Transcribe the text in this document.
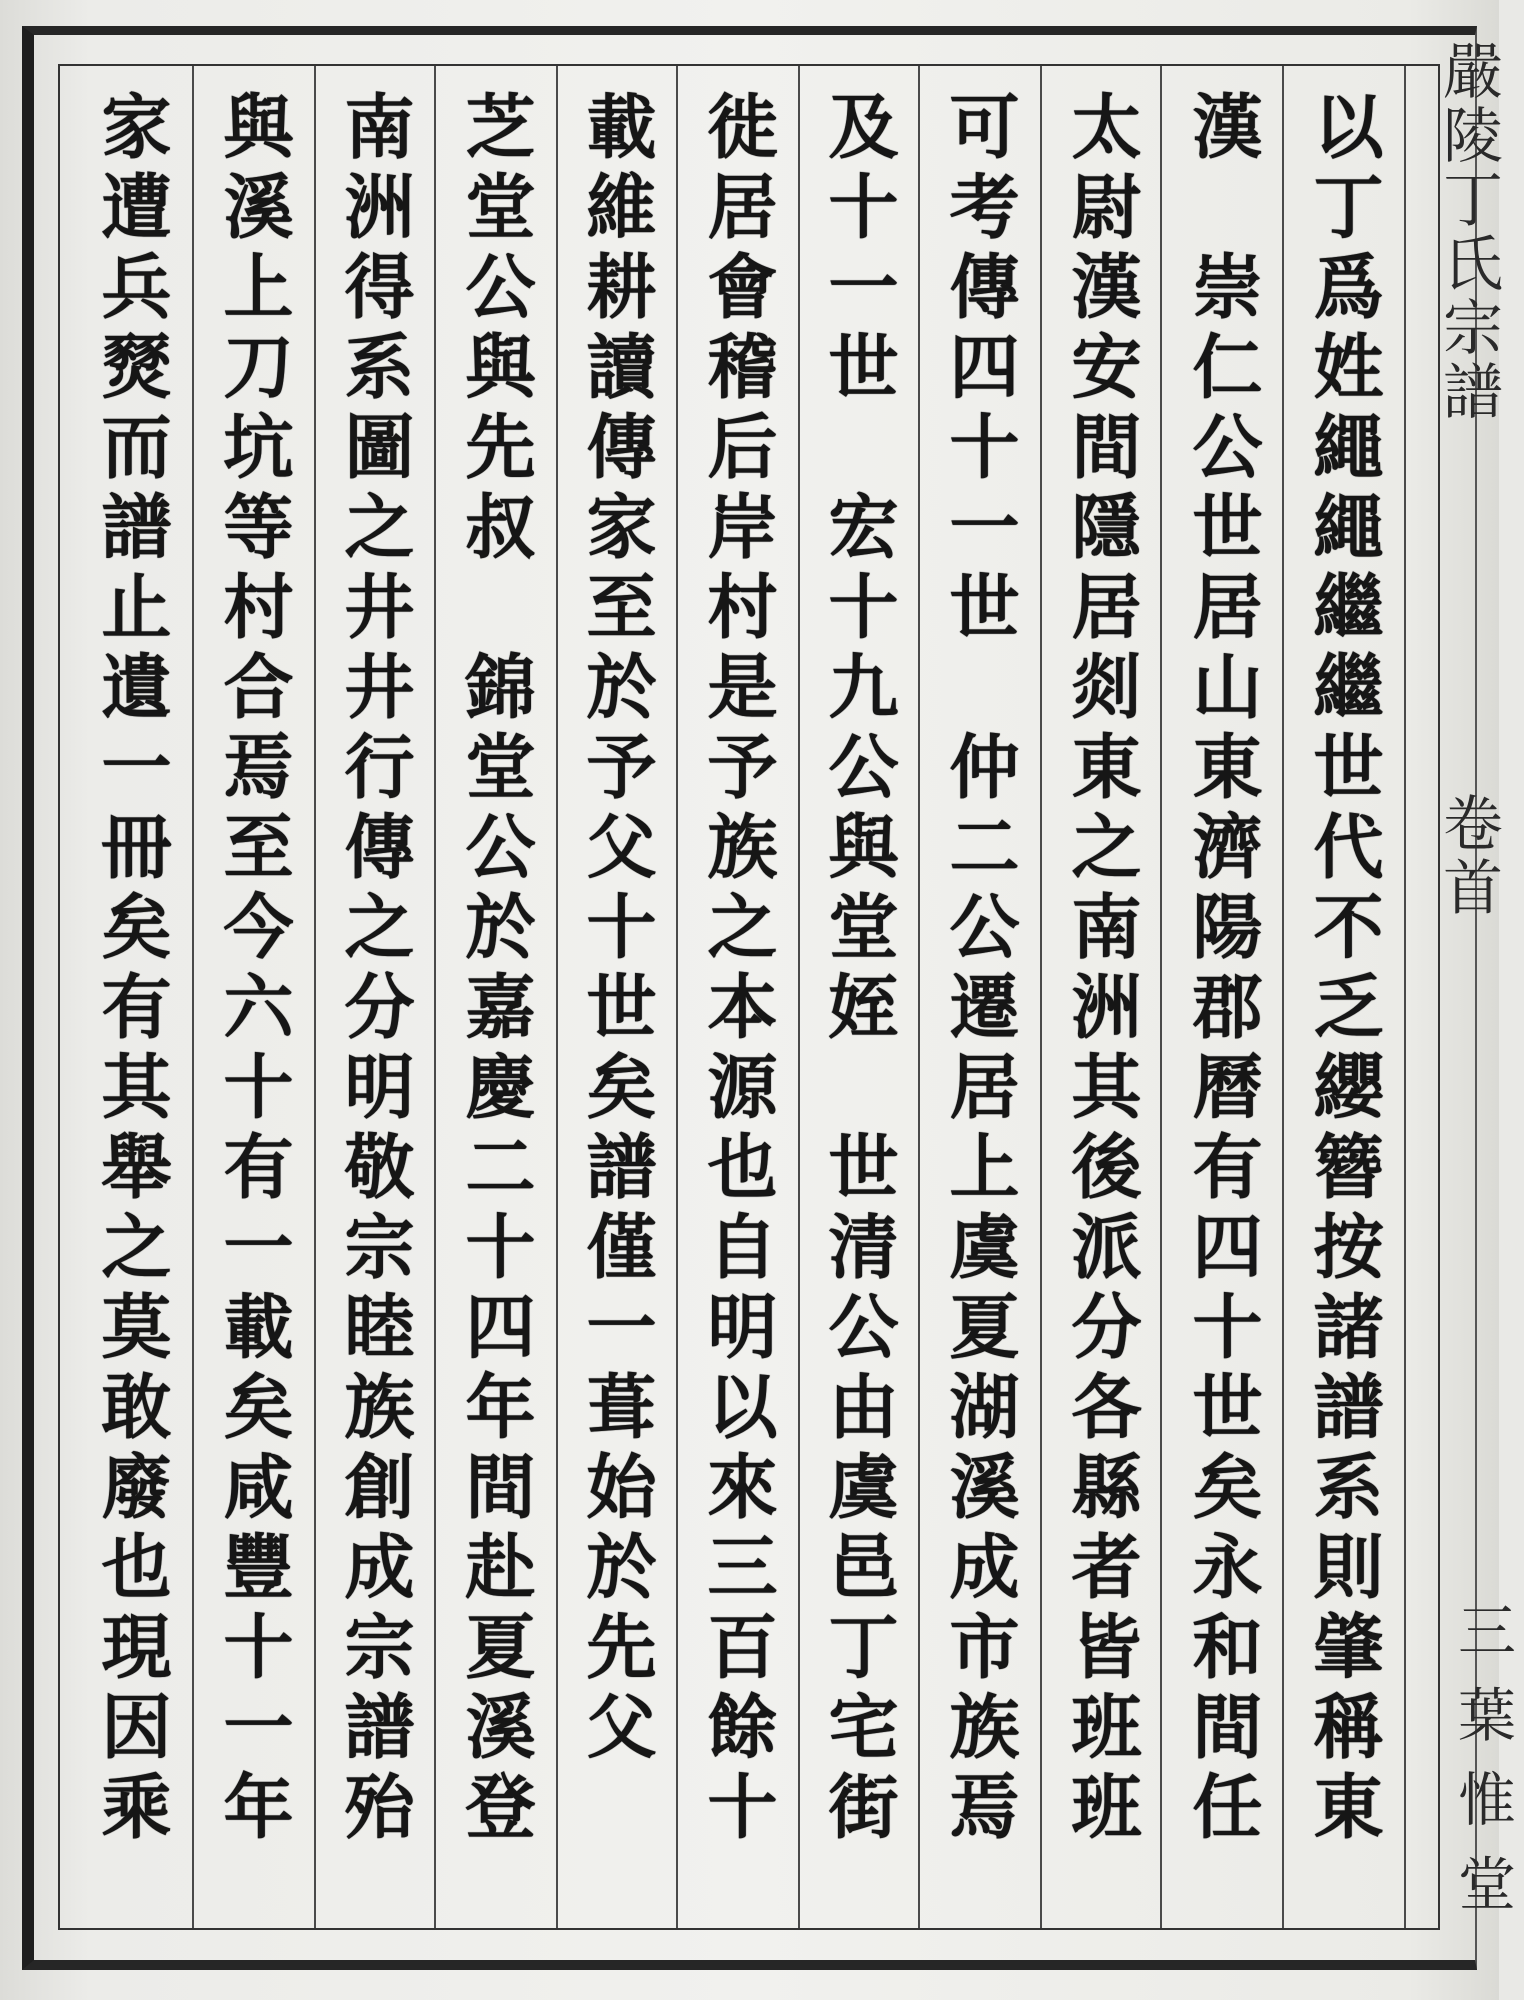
嚴陵丁氏宗譜
卷首
三 葉 惟 堂
以丁爲姓繩繩繼繼世代不乏纓簪按諸譜系則肇稱東
漢　崇仁公世居山東濟陽郡曆有四十世矣永和間任
太尉漢安間隱居剡東之南洲其後派分各縣者皆班班
可考傳四十一世　仲二公遷居上虞夏湖溪成市族焉
及十一世　宏十九公與堂姪　世清公由虞邑丁宅街
徙居會稽后岸村是予族之本源也自明以來三百餘十
載維耕讀傳家至於予父十世矣譜僅一葺始於先父
芝堂公與先叔　錦堂公於嘉慶二十四年間赴夏溪登
南洲得系圖之井井行傳之分明敬宗睦族創成宗譜殆
與溪上刀坑等村合焉至今六十有一載矣咸豐十一年
家遭兵燹而譜止遺一冊矣有其舉之莫敢廢也現因乘
